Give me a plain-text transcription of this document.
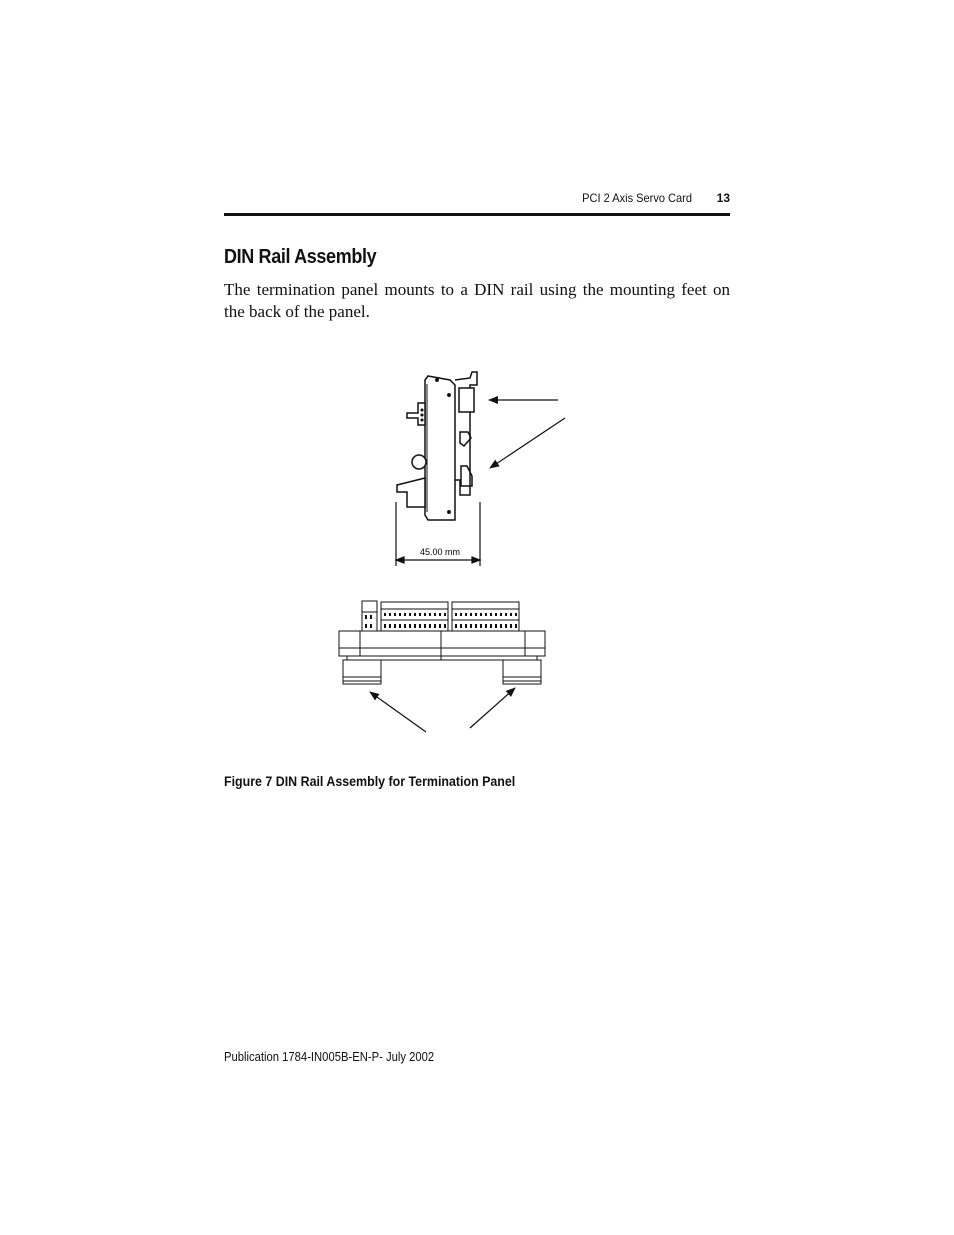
PCI 2 Axis Servo Card	13
DIN Rail Assembly

The termination panel mounts to a DIN rail using the mounting feet on the back of the panel.

45.00 mm

Figure 7 DIN Rail Assembly for Termination Panel

Publication 1784-IN005B-EN-P- July 2002
